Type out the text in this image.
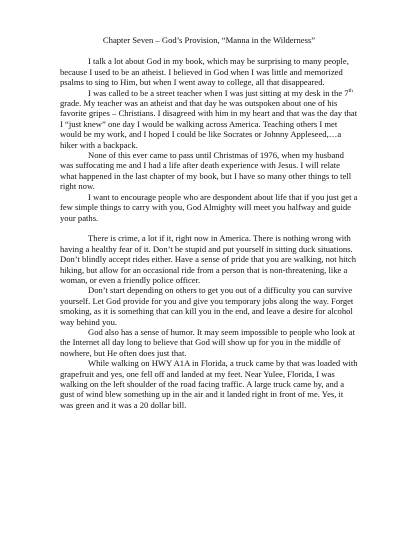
Chapter Seven – God’s Provision, “Manna in the Wilderness”

I talk a lot about God in my book, which may be surprising to many people, because I used to be an atheist. I believed in God when I was little and memorized psalms to sing to Him, but when I went away to college, all that disappeared.

I was called to be a street teacher when I was just sitting at my desk in the 7th grade. My teacher was an atheist and that day he was outspoken about one of his favorite gripes – Christians. I disagreed with him in my heart and that was the day that I “just knew” one day I would be walking across America. Teaching others I met would be my work, and I hoped I could be like Socrates or Johnny Appleseed,…a hiker with a backpack.

None of this ever came to pass until Christmas of 1976, when my husband was suffocating me and I had a life after death experience with Jesus. I will relate what happened in the last chapter of my book, but I have so many other things to tell right now.

I want to encourage people who are despondent about life that if you just get a few simple things to carry with you, God Almighty will meet you halfway and guide your paths.

There is crime, a lot if it, right now in America. There is nothing wrong with having a healthy fear of it. Don’t be stupid and put yourself in sitting duck situations. Don’t blindly accept rides either. Have a sense of pride that you are walking, not hitch hiking, but allow for an occasional ride from a person that is non-threatening, like a woman, or even a friendly police officer.

Don’t start depending on others to get you out of a difficulty you can survive yourself. Let God provide for you and give you temporary jobs along the way. Forget smoking, as it is something that can kill you in the end, and leave a desire for alcohol way behind you.

God also has a sense of humor. It may seem impossible to people who look at the Internet all day long to believe that God will show up for you in the middle of nowhere, but He often does just that.

While walking on HWY A1A in Florida, a truck came by that was loaded with grapefruit and yes, one fell off and landed at my feet. Near Yulee, Florida, I was walking on the left shoulder of the road facing traffic. A large truck came by, and a gust of wind blew something up in the air and it landed right in front of me. Yes, it was green and it was a 20 dollar bill.
